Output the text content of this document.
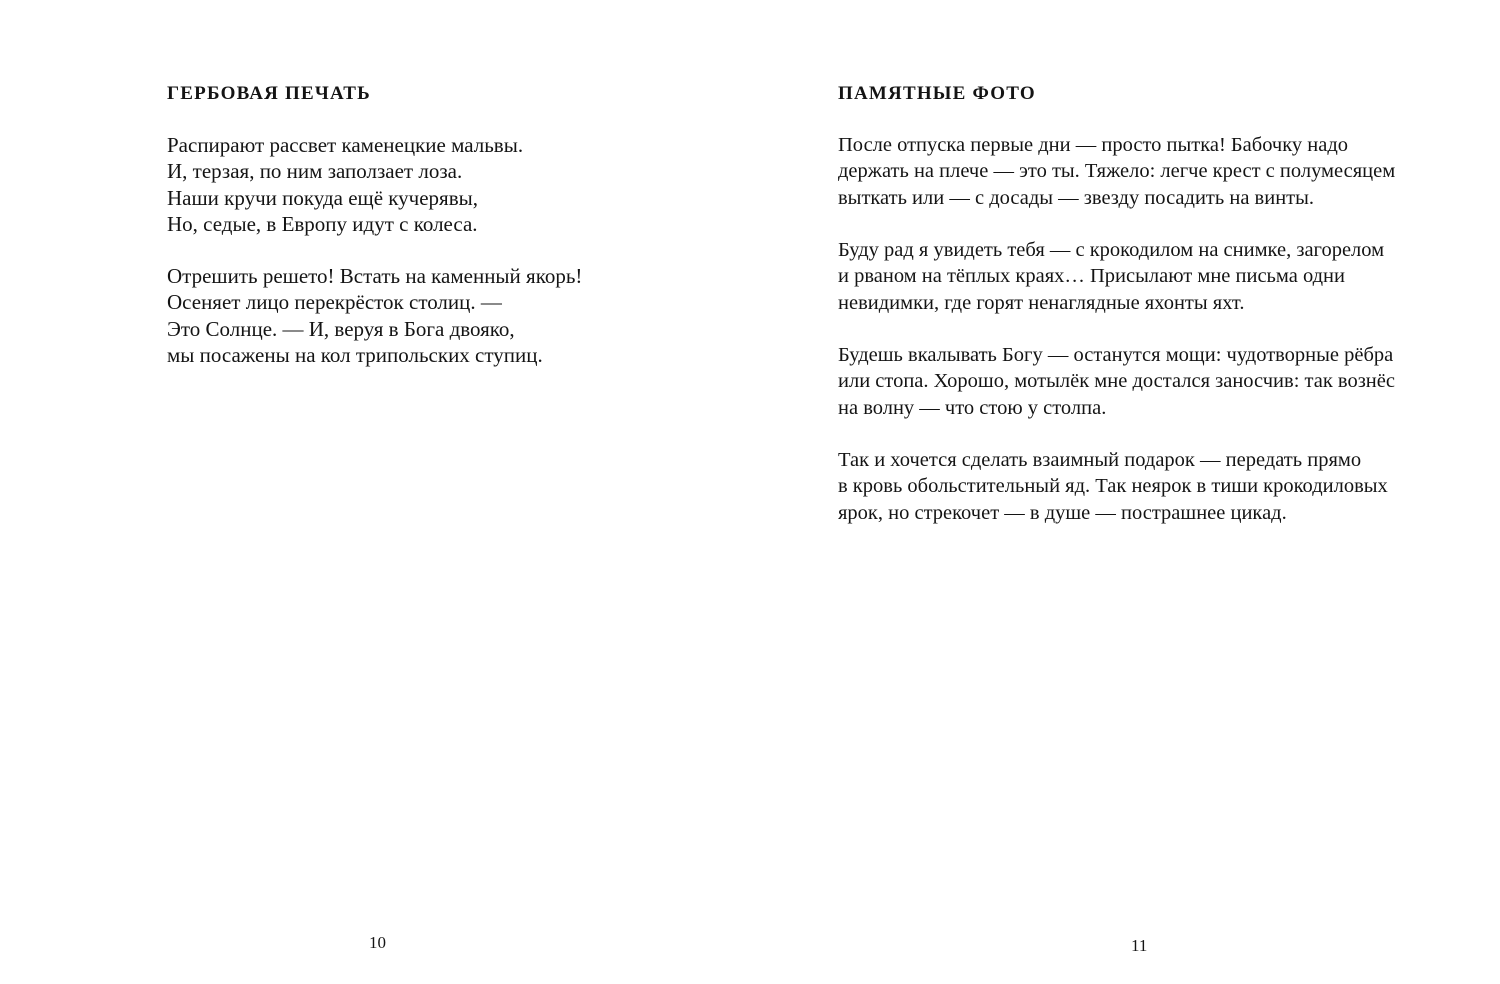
ГЕРБОВАЯ ПЕЧАТЬ

Распирают рассвет каменецкие мальвы.
И, терзая, по ним заползает лоза.
Наши кручи покуда ещё кучерявы,
Но, седые, в Европу идут с колеса.

Отрешить решето! Встать на каменный якорь!
Осеняет лицо перекрёсток столиц. —
Это Солнце. — И, веруя в Бога двояко,
мы посажены на кол трипольских ступиц.

10

ПАМЯТНЫЕ ФОТО

После отпуска первые дни — просто пытка! Бабочку надо
держать на плече — это ты. Тяжело: легче крест с полумесяцем
выткать или — с досады — звезду посадить на винты.

Буду рад я увидеть тебя — с крокодилом на снимке, загорелом
и рваном на тёплых краях… Присылают мне письма одни
невидимки, где горят ненаглядные яхонты яхт.

Будешь вкалывать Богу — останутся мощи: чудотворные рёбра
или стопа. Хорошо, мотылёк мне достался заносчив: так вознёс
на волну — что стою у столпа.

Так и хочется сделать взаимный подарок — передать прямо
в кровь обольстительный яд. Так неярок в тиши крокодиловых
ярок, но стрекочет — в душе — пострашнее цикад.

11
